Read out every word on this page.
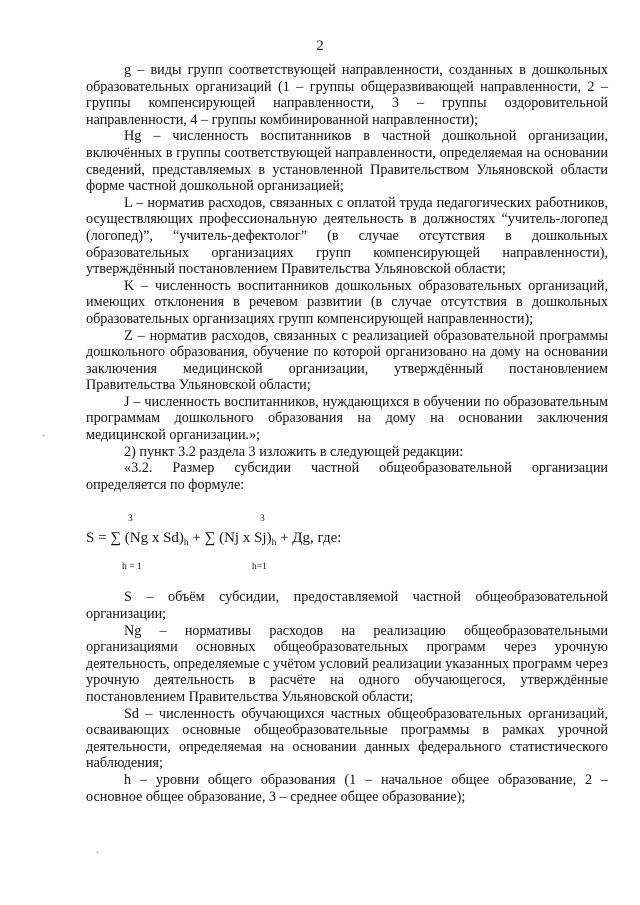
2
.
.

g – виды групп соответствующей направленности, созданных в дошкольных образовательных организаций (1 – группы общеразвивающей направленности, 2 – группы компенсирующей направленности, 3 – группы оздоровительной направленности, 4 – группы комбинированной направленности);

Hg – численность воспитанников в частной дошкольной организации, включённых в группы соответствующей направленности, определяемая на основании сведений, представляемых в установленной Правительством Ульяновской области форме частной дошкольной организацией;

L – норматив расходов, связанных с оплатой труда педагогических работников, осуществляющих профессиональную деятельность в должностях “учитель-логопед (логопед)”, “учитель-дефектолог” (в случае отсутствия в дошкольных образовательных организациях групп компенсирующей направленности), утверждённый постановлением Правительства Ульяновской области;

K – численность воспитанников дошкольных образовательных организаций, имеющих отклонения в речевом развитии (в случае отсутствия в дошкольных образовательных организациях групп компенсирующей направленности);

Z – норматив расходов, связанных с реализацией образовательной программы дошкольного образования, обучение по которой организовано на дому на основании заключения медицинской организации, утверждённый постановлением Правительства Ульяновской области;

J – численность воспитанников, нуждающихся в обучении по образовательным программам дошкольного образования на дому на основании заключения медицинской организации.»;

2) пункт 3.2 раздела 3 изложить в следующей редакции:

«3.2. Размер субсидии частной общеобразовательной организации определяется по формуле:

3
h = 1
3
h=1
S = ∑ (Ng x $Sd)_h$ + ∑ (Nj x $Sj)_h$ + Дg, где:

S – объём субсидии, предоставляемой частной общеобразовательной организации;

Ng – нормативы расходов на реализацию общеобразовательными организациями основных общеобразовательных программ через урочную деятельность, определяемые с учётом условий реализации указанных программ через урочную деятельность в расчёте на одного обучающегося, утверждённые постановлением Правительства Ульяновской области;

Sd – численность обучающихся частных общеобразовательных организаций, осваивающих основные общеобразовательные программы в рамках урочной деятельности, определяемая на основании данных федерального статистического наблюдения;

h – уровни общего образования (1 – начальное общее образование, 2 – основное общее образование, 3 – среднее общее образование);
